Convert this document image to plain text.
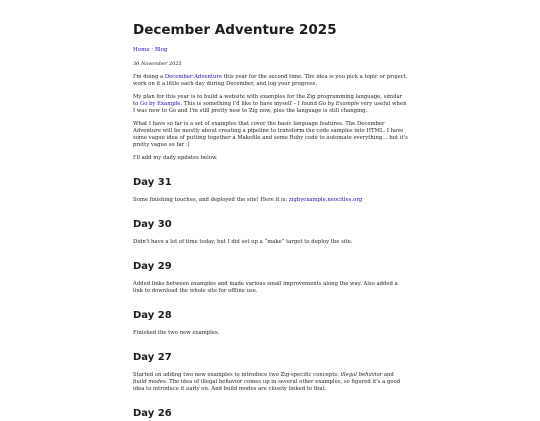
December Adventure 2025
Home · Blog
30 November 2025

I'm doing a December Adventure this year for the second time. The idea is you pick a topic or project, work on it a little each day during December, and log your progress.

My plan for this year is to build a website with examples for the Zig programming language, similar to Go by Example. This is something I'd like to have myself – I found Go by Example very useful when I was new to Go and I'm still pretty new to Zig now, plus the language is still changing.

What I have so far is a set of examples that cover the basic language features. The December Adventure will be mostly about creating a pipeline to transform the code samples into HTML. I have some vague idea of putting together a Makefile and some Ruby code to automate everything… but it's pretty vague so far :)

I'll add my daily updates below.

Day 31

Some finishing touches, and deployed the site! Here it is: zigbyexample.neocities.org

Day 30

Didn't have a lot of time today, but I did set up a “make” target to deploy the site.

Day 29

Added links between examples and made various small improvements along the way. Also added a link to download the whole site for offline use.

Day 28

Finished the two new examples.

Day 27

Started on adding two new examples to introduce two Zig-specific concepts: illegal behavior and build modes. The idea of illegal behavior comes up in several other examples, so figured it's a good idea to introduce it early on. And build modes are closely linked to that.

Day 26
